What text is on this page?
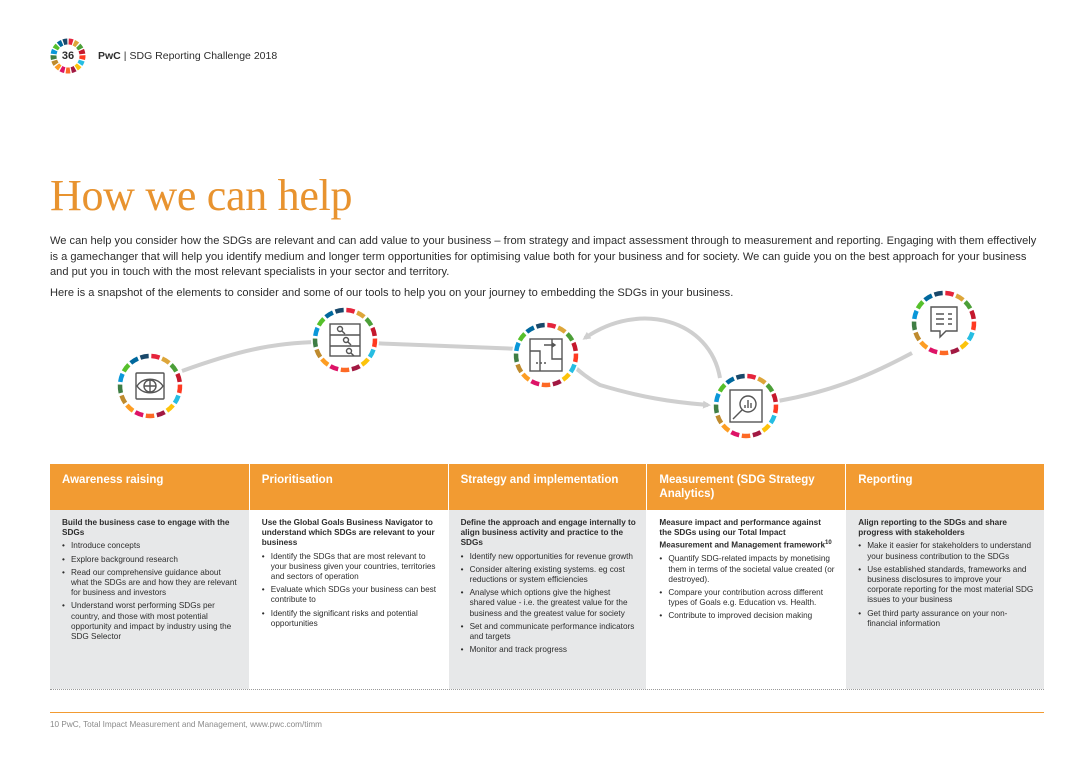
36	PwC | SDG Reporting Challenge 2018
How we can help

We can help you consider how the SDGs are relevant and can add value to your business – from strategy and impact assessment through to measurement and reporting. Engaging with them effectively is a gamechanger that will help you identify medium and longer term opportunities for optimising value both for your business and for society. We can guide you on the best approach for your business and put you in touch with the most relevant specialists in your sector and territory.

Here is a snapshot of the elements to consider and some of our tools to help you on your journey to embedding the SDGs in your business.

Awareness raising
Build the business case to engage with the SDGs
• Introduce concepts
• Explore background research
• Read our comprehensive guidance about what the SDGs are and how they are relevant for business and investors
• Understand worst performing SDGs per country, and those with most potential opportunity and impact by industry using the SDG Selector
Prioritisation
Use the Global Goals Business Navigator to understand which SDGs are relevant to your business
• Identify the SDGs that are most relevant to your business given your countries, territories and sectors of operation
• Evaluate which SDGs your business can best contribute to
• Identify the significant risks and potential opportunities
Strategy and implementation
Define the approach and engage internally to align business activity and practice to the SDGs
• Identify new opportunities for revenue growth
• Consider altering existing systems. eg cost reductions or system efficiencies
• Analyse which options give the highest shared value - i.e. the greatest value for the business and the greatest value for society
• Set and communicate performance indicators and targets
• Monitor and track progress
Measurement (SDG Strategy Analytics)
Measure impact and performance against the SDGs using our Total Impact Measurement and Management framework$^{10}$
• Quantify SDG-related impacts by monetising them in terms of the societal value created (or destroyed).
• Compare your contribution across different types of Goals e.g. Education vs. Health.
• Contribute to improved decision making
Reporting
Align reporting to the SDGs and share progress with stakeholders
• Make it easier for stakeholders to understand your business contribution to the SDGs
• Use established standards, frameworks and business disclosures to improve your corporate reporting for the most material SDG issues to your business
• Get third party assurance on your non-financial information
10 PwC, Total Impact Measurement and Management, www.pwc.com/timm
